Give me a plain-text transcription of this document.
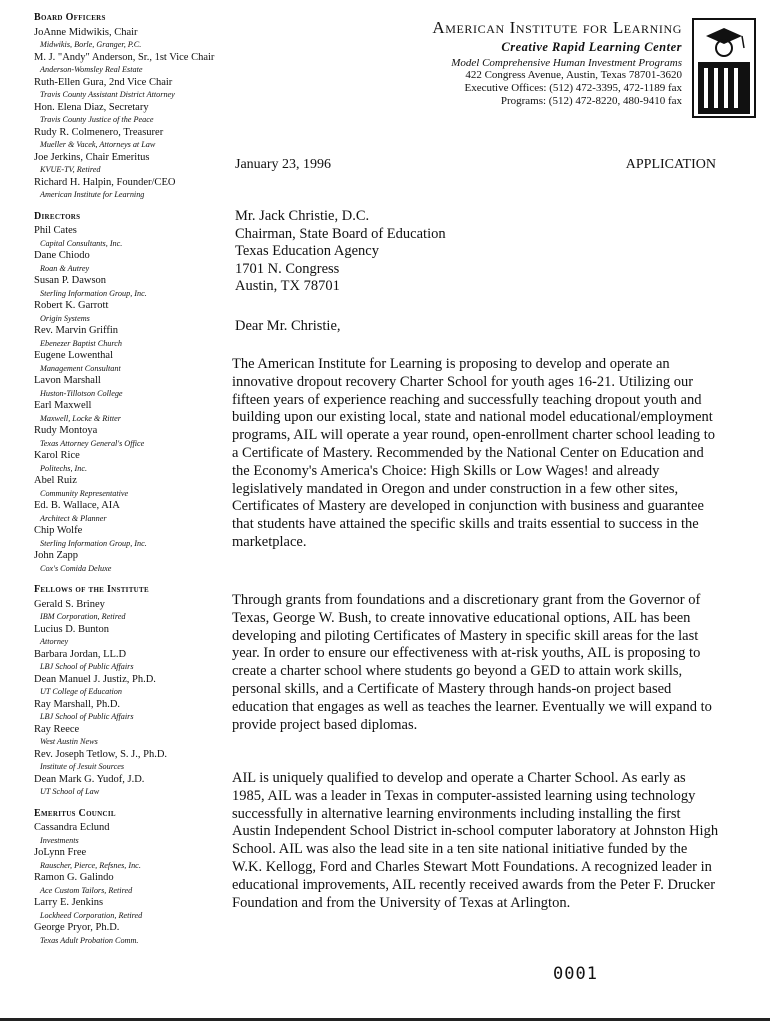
Board Officers
JoAnne Midwikis, Chair
Midwikis, Borle, Granger, P.C.
M. J. "Andy" Anderson, Sr., 1st Vice Chair
Anderson-Womsley Real Estate
Ruth-Ellen Gura, 2nd Vice Chair
Travis County Assistant District Attorney
Hon. Elena Diaz, Secretary
Travis County Justice of the Peace
Rudy R. Colmenero, Treasurer
Mueller & Vacek, Attorneys at Law
Joe Jerkins, Chair Emeritus
KVUE-TV, Retired
Richard H. Halpin, Founder/CEO
American Institute for Learning
Directors
Phil Cates
Capital Consultants, Inc.
Dane Chiodo
Roan & Autrey
Susan P. Dawson
Sterling Information Group, Inc.
Robert K. Garrott
Origin Systems
Rev. Marvin Griffin
Ebenezer Baptist Church
Eugene Lowenthal
Management Consultant
Lavon Marshall
Huston-Tillotson College
Earl Maxwell
Maxwell, Locke & Ritter
Rudy Montoya
Texas Attorney General's Office
Karol Rice
Politechs, Inc.
Abel Ruiz
Community Representative
Ed. B. Wallace, AIA
Architect & Planner
Chip Wolfe
Sterling Information Group, Inc.
John Zapp
Cox's Comida Deluxe
Fellows of the Institute
Gerald S. Briney
IBM Corporation, Retired
Lucius D. Bunton
Attorney
Barbara Jordan, LL.D
LBJ School of Public Affairs
Dean Manuel J. Justiz, Ph.D.
UT College of Education
Ray Marshall, Ph.D.
LBJ School of Public Affairs
Ray Reece
West Austin News
Rev. Joseph Tetlow, S. J., Ph.D.
Institute of Jesuit Sources
Dean Mark G. Yudof, J.D.
UT School of Law
Emeritus Council
Cassandra Eclund
Investments
JoLynn Free
Rauscher, Pierce, Refsnes, Inc.
Ramon G. Galindo
Ace Custom Tailors, Retired
Larry E. Jenkins
Lockheed Corporation, Retired
George Pryor, Ph.D.
Texas Adult Probation Comm.
American Institute for Learning
Creative Rapid Learning Center
Model Comprehensive Human Investment Programs
422 Congress Avenue, Austin, Texas 78701-3620
Executive Offices: (512) 472-3395, 472-1189 fax
Programs: (512) 472-8220, 480-9410 fax
January 23, 1996	APPLICATION
Mr. Jack Christie, D.C.
Chairman, State Board of Education
Texas Education Agency
1701 N. Congress
Austin, TX 78701
Dear Mr. Christie,
The American Institute for Learning is proposing to develop and operate an innovative dropout recovery Charter School for youth ages 16-21. Utilizing our fifteen years of experience reaching and successfully teaching dropout youth and building upon our existing local, state and national model educational/employment programs, AIL will operate a year round, open-enrollment charter school leading to a Certificate of Mastery. Recommended by the National Center on Education and the Economy's America's Choice: High Skills or Low Wages! and already legislatively mandated in Oregon and under construction in a few other sites, Certificates of Mastery are developed in conjunction with business and guarantee that students have attained the specific skills and traits essential to success in the marketplace.
Through grants from foundations and a discretionary grant from the Governor of Texas, George W. Bush, to create innovative educational options, AIL has been developing and piloting Certificates of Mastery in specific skill areas for the last year. In order to ensure our effectiveness with at-risk youths, AIL is proposing to create a charter school where students go beyond a GED to attain work skills, personal skills, and a Certificate of Mastery through hands-on project based education that engages as well as teaches the learner. Eventually we will expand to provide project based diplomas.
AIL is uniquely qualified to develop and operate a Charter School. As early as 1985, AIL was a leader in Texas in computer-assisted learning using technology successfully in alternative learning environments including installing the first Austin Independent School District in-school computer laboratory at Johnston High School. AIL was also the lead site in a ten site national initiative funded by the W.K. Kellogg, Ford and Charles Stewart Mott Foundations. A recognized leader in educational improvements, AIL recently received awards from the Peter F. Drucker Foundation and from the University of Texas at Arlington.
0001
